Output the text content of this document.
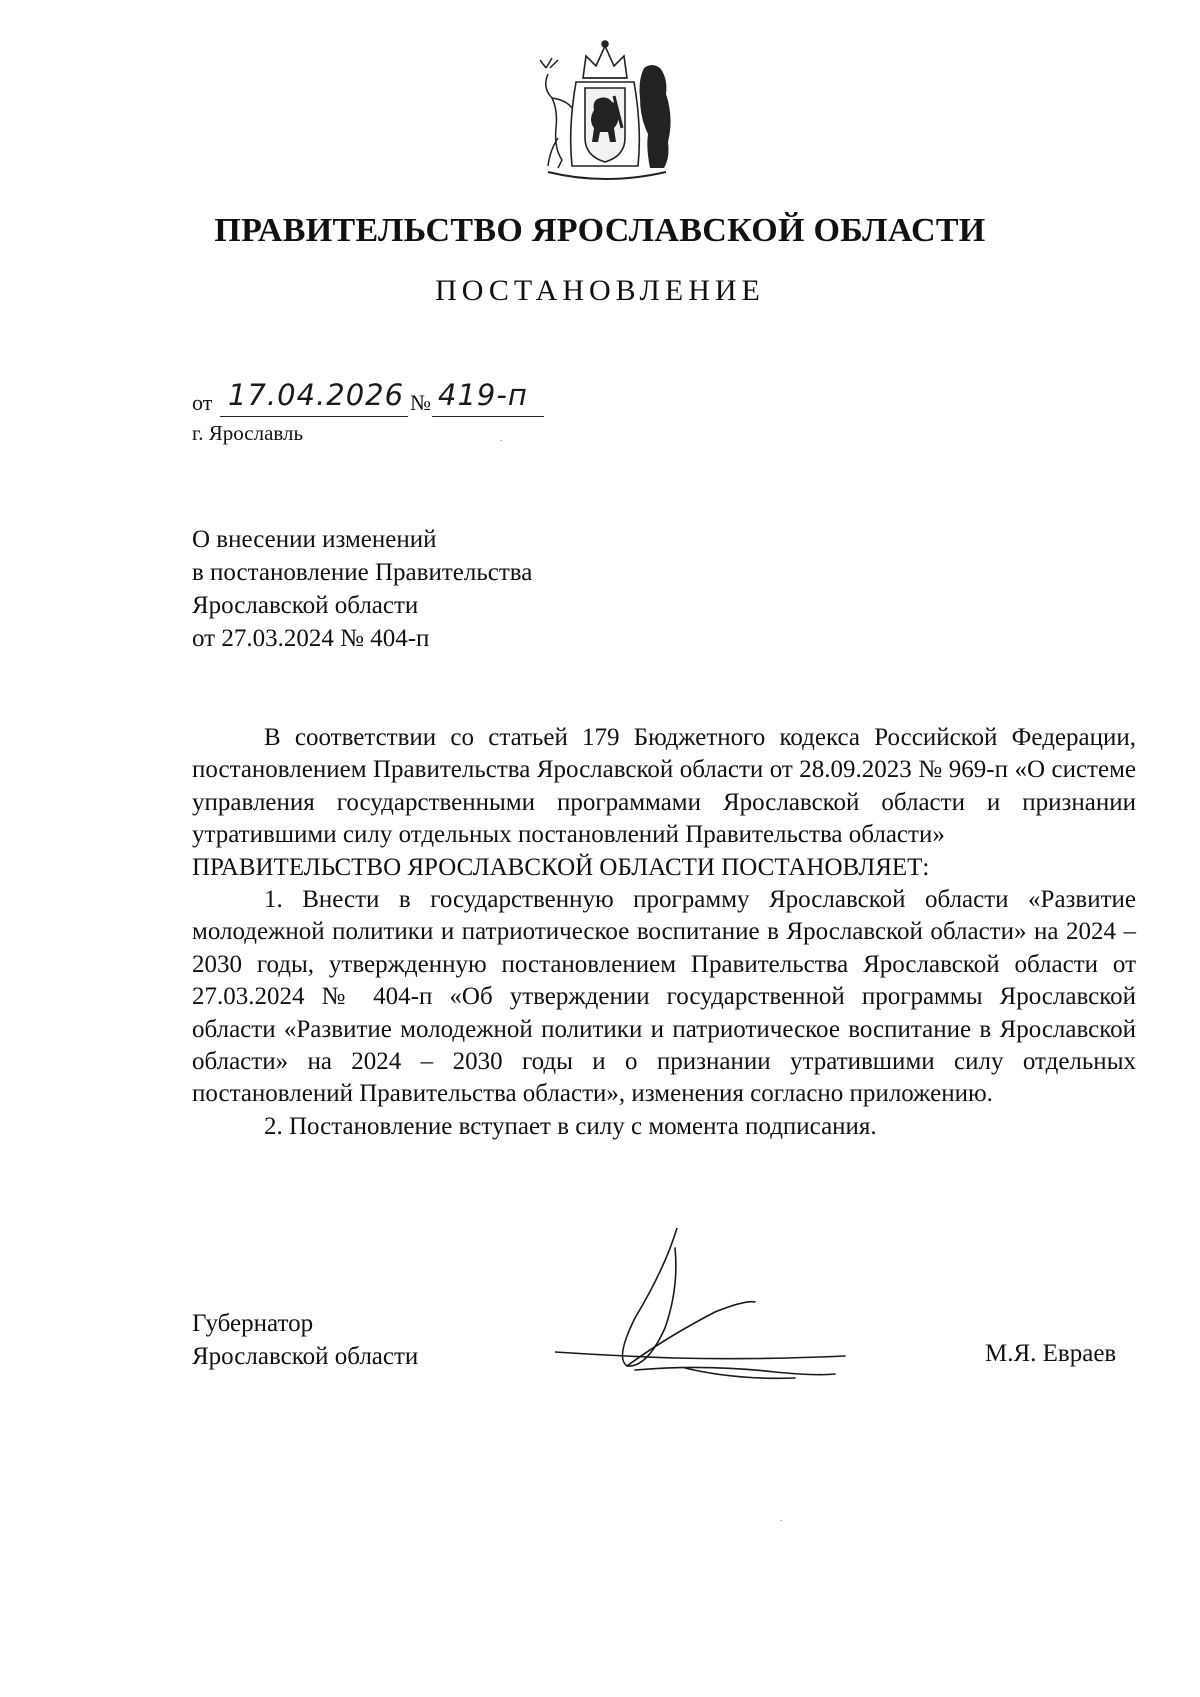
ПРАВИТЕЛЬСТВО ЯРОСЛАВСКОЙ ОБЛАСТИ
ПОСТАНОВЛЕНИЕ
от 17.04.2026 № 419-п
г. Ярославль
О внесении изменений
в постановление Правительства
Ярославской области
от 27.03.2024 № 404-п

В соответствии со статьей 179 Бюджетного кодекса Российской Федерации, постановлением Правительства Ярославской области от 28.09.2023 № 969-п «О системе управления государственными программами Ярославской области и признании утратившими силу отдельных постановлений Правительства области»

ПРАВИТЕЛЬСТВО ЯРОСЛАВСКОЙ ОБЛАСТИ ПОСТАНОВЛЯЕТ:

1. Внести в государственную программу Ярославской области «Развитие молодежной политики и патриотическое воспитание в Ярославской области» на 2024 – 2030 годы, утвержденную постановлением Правительства Ярославской области от 27.03.2024 № 404-п «Об утверждении государственной программы Ярославской области «Развитие молодежной политики и патриотическое воспитание в Ярославской области» на 2024 – 2030 годы и о признании утратившими силу отдельных постановлений Правительства области», изменения согласно приложению.

2. Постановление вступает в силу с момента подписания.

Губернатор
Ярославской области	М.Я. Евраев
